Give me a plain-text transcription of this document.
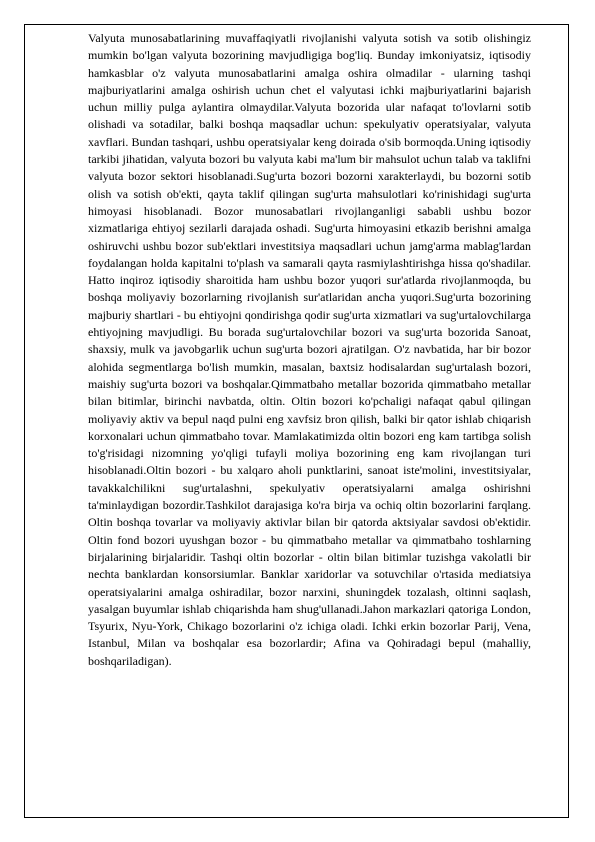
Valyuta munosabatlarining muvaffaqiyatli rivojlanishi valyuta sotish va sotib olishingiz mumkin bo'lgan valyuta bozorining mavjudligiga bog'liq. Bunday imkoniyatsiz, iqtisodiy hamkasblar o'z valyuta munosabatlarini amalga oshira olmadilar - ularning tashqi majburiyatlarini amalga oshirish uchun chet el valyutasi ichki majburiyatlarini bajarish uchun milliy pulga aylantira olmaydilar.Valyuta bozorida ular nafaqat to'lovlarni sotib olishadi va sotadilar, balki boshqa maqsadlar uchun: spekulyativ operatsiyalar, valyuta xavflari. Bundan tashqari, ushbu operatsiyalar keng doirada o'sib bormoqda.Uning iqtisodiy tarkibi jihatidan, valyuta bozori bu valyuta kabi ma'lum bir mahsulot uchun talab va taklifni valyuta bozor sektori hisoblanadi.Sug'urta bozori bozorni xarakterlaydi, bu bozorni sotib olish va sotish ob'ekti, qayta taklif qilingan sug'urta mahsulotlari ko'rinishidagi sug'urta himoyasi hisoblanadi. Bozor munosabatlari rivojlanganligi sababli ushbu bozor xizmatlariga ehtiyoj sezilarli darajada oshadi. Sug'urta himoyasini etkazib berishni amalga oshiruvchi ushbu bozor sub'ektlari investitsiya maqsadlari uchun jamg'arma mablag'lardan foydalangan holda kapitalni to'plash va samarali qayta rasmiylashtirishga hissa qo'shadilar. Hatto inqiroz iqtisodiy sharoitida ham ushbu bozor yuqori sur'atlarda rivojlanmoqda, bu boshqa moliyaviy bozorlarning rivojlanish sur'atlaridan ancha yuqori.Sug'urta bozorining majburiy shartlari - bu ehtiyojni qondirishga qodir sug'urta xizmatlari va sug'urtalovchilarga ehtiyojning mavjudligi. Bu borada sug'urtalovchilar bozori va sug'urta bozorida Sanoat, shaxsiy, mulk va javobgarlik uchun sug'urta bozori ajratilgan. O'z navbatida, har bir bozor alohida segmentlarga bo'lish mumkin, masalan, baxtsiz hodisalardan sug'urtalash bozori, maishiy sug'urta bozori va boshqalar.Qimmatbaho metallar bozorida qimmatbaho metallar bilan bitimlar, birinchi navbatda, oltin. Oltin bozori ko'pchaligi nafaqat qabul qilingan moliyaviy aktiv va bepul naqd pulni eng xavfsiz bron qilish, balki bir qator ishlab chiqarish korxonalari uchun qimmatbaho tovar. Mamlakatimizda oltin bozori eng kam tartibga solish to'g'risidagi nizomning yo'qligi tufayli moliya bozorining eng kam rivojlangan turi hisoblanadi.Oltin bozori - bu xalqaro aholi punktlarini, sanoat iste'molini, investitsiyalar, tavakkalchilikni sug'urtalashni, spekulyativ operatsiyalarni amalga oshirishni ta'minlaydigan bozordir.Tashkilot darajasiga ko'ra birja va ochiq oltin bozorlarini farqlang. Oltin boshqa tovarlar va moliyaviy aktivlar bilan bir qatorda aktsiyalar savdosi ob'ektidir. Oltin fond bozori uyushgan bozor - bu qimmatbaho metallar va qimmatbaho toshlarning birjalarining birjalaridir. Tashqi oltin bozorlar - oltin bilan bitimlar tuzishga vakolatli bir nechta banklardan konsorsiumlar. Banklar xaridorlar va sotuvchilar o'rtasida mediatsiya operatsiyalarini amalga oshiradilar, bozor narxini, shuningdek tozalash, oltinni saqlash, yasalgan buyumlar ishlab chiqarishda ham shug'ullanadi.Jahon markazlari qatoriga London, Tsyurix, Nyu-York, Chikago bozorlarini o'z ichiga oladi. Ichki erkin bozorlar Parij, Vena, Istanbul, Milan va boshqalar esa bozorlardir; Afina va Qohiradagi bepul (mahalliy, boshqariladigan).
